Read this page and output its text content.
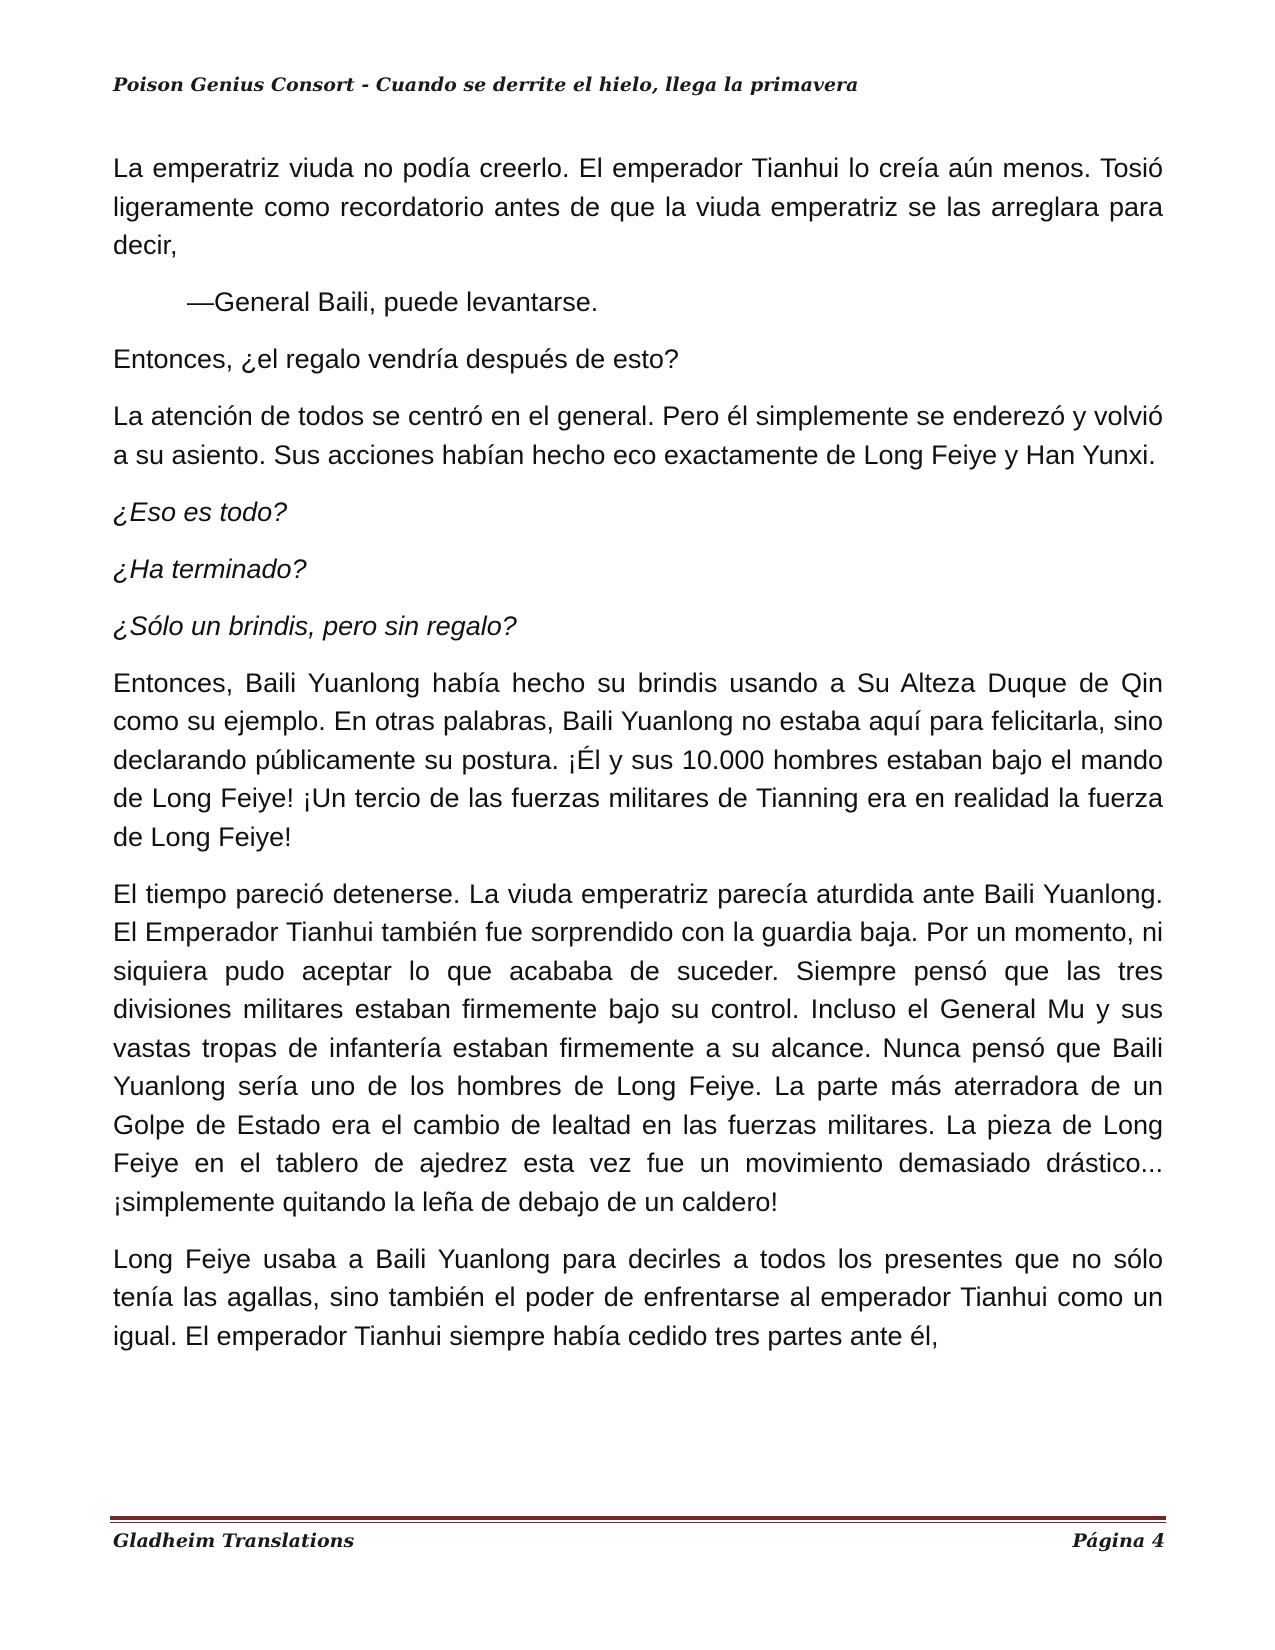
Poison Genius Consort - Cuando se derrite el hielo, llega la primavera

La emperatriz viuda no podía creerlo. El emperador Tianhui lo creía aún menos. Tosió ligeramente como recordatorio antes de que la viuda emperatriz se las arreglara para decir,

—General Baili, puede levantarse.

Entonces, ¿el regalo vendría después de esto?

La atención de todos se centró en el general. Pero él simplemente se enderezó y volvió a su asiento. Sus acciones habían hecho eco exactamente de Long Feiye y Han Yunxi.

¿Eso es todo?

¿Ha terminado?

¿Sólo un brindis, pero sin regalo?

Entonces, Baili Yuanlong había hecho su brindis usando a Su Alteza Duque de Qin como su ejemplo. En otras palabras, Baili Yuanlong no estaba aquí para felicitarla, sino declarando públicamente su postura. ¡Él y sus 10.000 hombres estaban bajo el mando de Long Feiye! ¡Un tercio de las fuerzas militares de Tianning era en realidad la fuerza de Long Feiye!

El tiempo pareció detenerse. La viuda emperatriz parecía aturdida ante Baili Yuanlong. El Emperador Tianhui también fue sorprendido con la guardia baja. Por un momento, ni siquiera pudo aceptar lo que acababa de suceder. Siempre pensó que las tres divisiones militares estaban firmemente bajo su control. Incluso el General Mu y sus vastas tropas de infantería estaban firmemente a su alcance. Nunca pensó que Baili Yuanlong sería uno de los hombres de Long Feiye. La parte más aterradora de un Golpe de Estado era el cambio de lealtad en las fuerzas militares. La pieza de Long Feiye en el tablero de ajedrez esta vez fue un movimiento demasiado drástico... ¡simplemente quitando la leña de debajo de un caldero!

Long Feiye usaba a Baili Yuanlong para decirles a todos los presentes que no sólo tenía las agallas, sino también el poder de enfrentarse al emperador Tianhui como un igual. El emperador Tianhui siempre había cedido tres partes ante él,

Gladheim Translations	Página 4
